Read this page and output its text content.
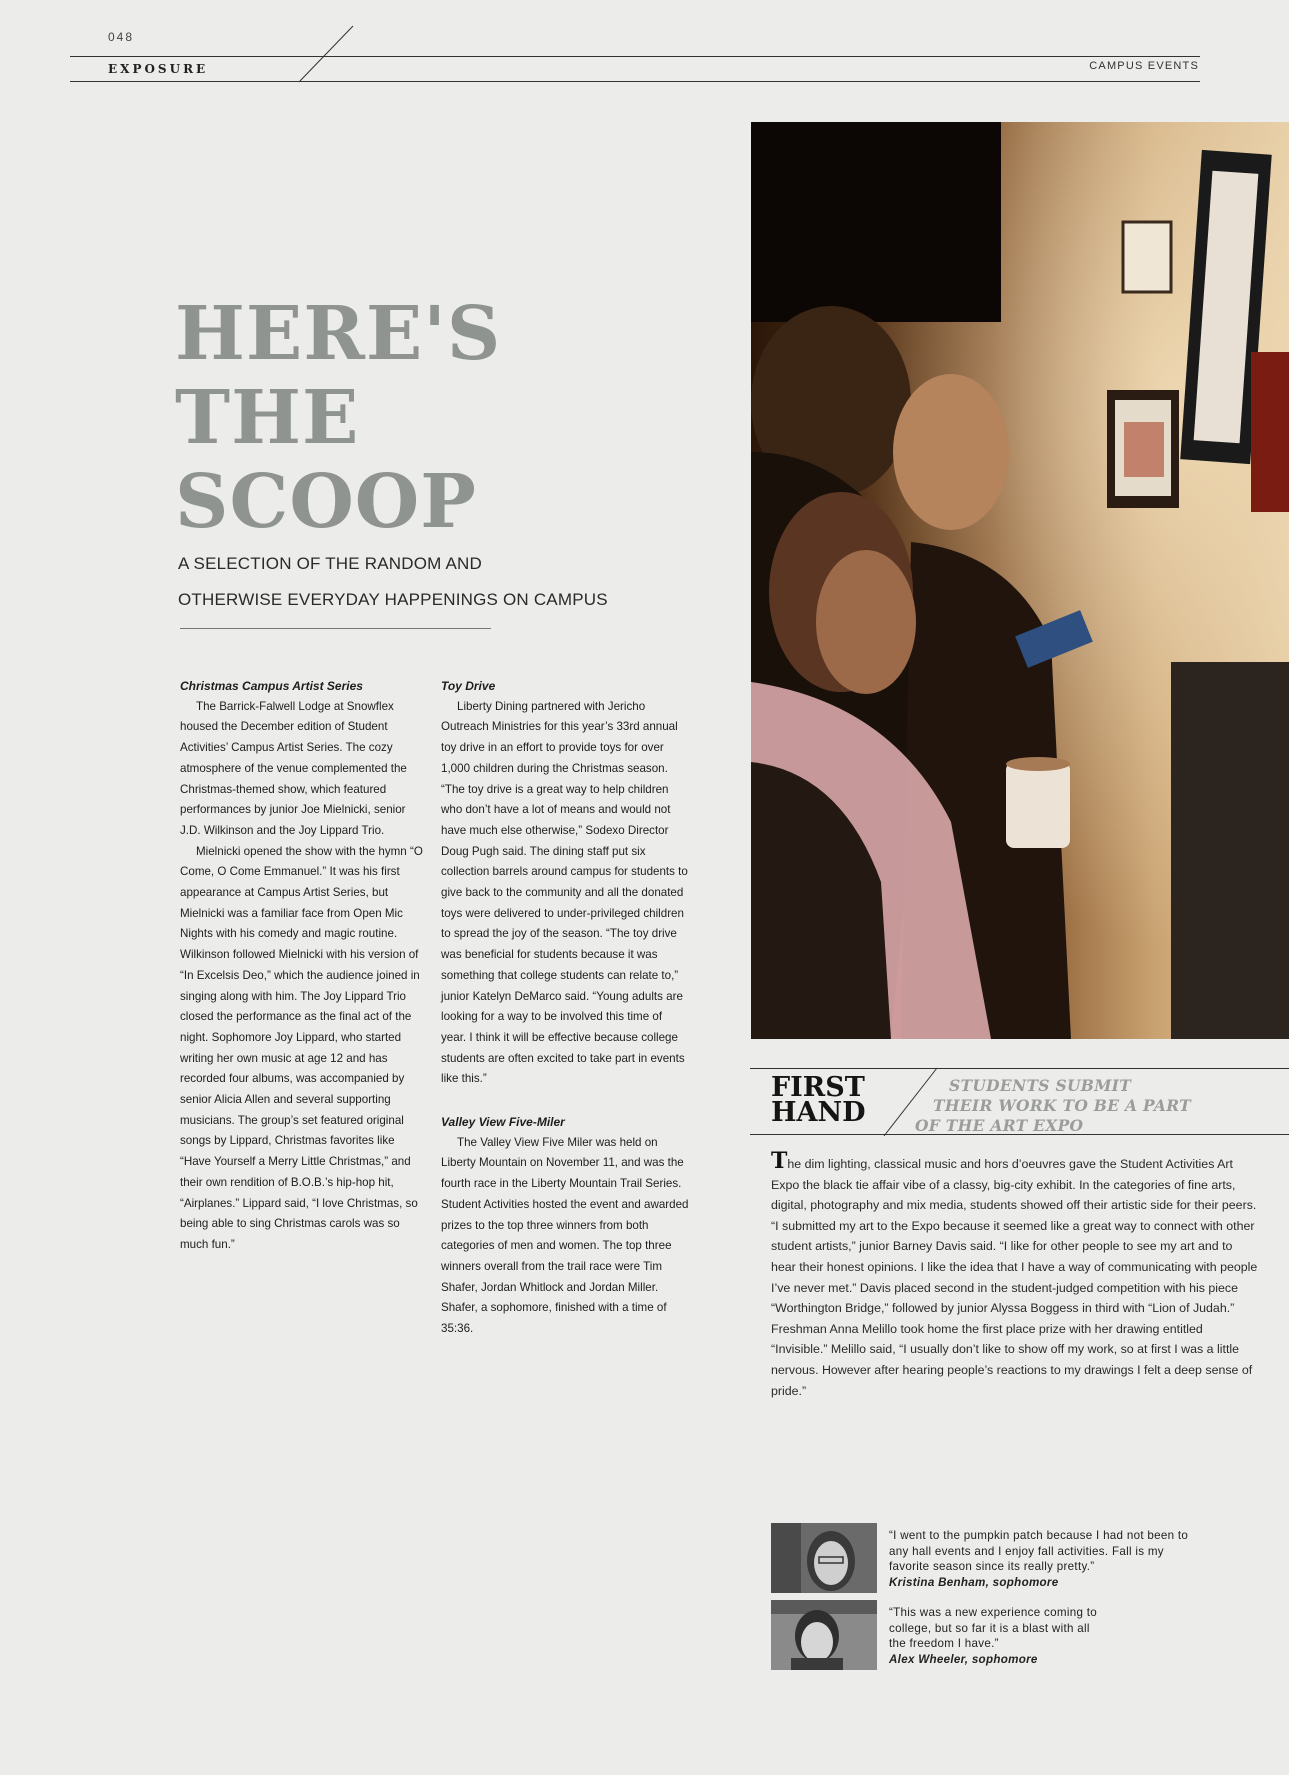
048
EXPOSURE	CAMPUS EVENTS
HERE'S
THE
SCOOP
A SELECTION OF THE RANDOM AND
OTHERWISE EVERYDAY HAPPENINGS ON CAMPUS
Christmas Campus Artist Series

The Barrick-Falwell Lodge at Snowflex housed the December edition of Student Activities’ Campus Artist Series. The cozy atmosphere of the venue complemented the Christmas-themed show, which featured performances by junior Joe Mielnicki, senior J.D. Wilkinson and the Joy Lippard Trio.

Mielnicki opened the show with the hymn “O Come, O Come Emmanuel.” It was his first appearance at Campus Artist Series, but Mielnicki was a familiar face from Open Mic Nights with his comedy and magic routine. Wilkinson followed Mielnicki with his version of “In Excelsis Deo,” which the audience joined in singing along with him. The Joy Lippard Trio closed the performance as the final act of the night. Sophomore Joy Lippard, who started writing her own music at age 12 and has recorded four albums, was accompanied by senior Alicia Allen and several supporting musicians. The group’s set featured original songs by Lippard, Christmas favorites like “Have Yourself a Merry Little Christmas,” and their own rendition of B.O.B.’s hip-hop hit, “Airplanes.” Lippard said, “I love Christmas, so being able to sing Christmas carols was so much fun.”

Toy Drive

Liberty Dining partnered with Jericho Outreach Ministries for this year’s 33rd annual toy drive in an effort to provide toys for over 1,000 children during the Christmas season. “The toy drive is a great way to help children who don’t have a lot of means and would not have much else otherwise,” Sodexo Director Doug Pugh said. The dining staff put six collection barrels around campus for students to give back to the community and all the donated toys were delivered to under-privileged children to spread the joy of the season. “The toy drive was beneficial for students because it was something that college students can relate to,” junior Katelyn DeMarco said. “Young adults are looking for a way to be involved this time of year. I think it will be effective because college students are often excited to take part in events like this.”

Valley View Five-Miler

The Valley View Five Miler was held on Liberty Mountain on November 11, and was the fourth race in the Liberty Mountain Trail Series. Student Activities hosted the event and awarded prizes to the top three winners from both categories of men and women. The top three winners overall from the trail race were Tim Shafer, Jordan Whitlock and Jordan Miller. Shafer, a sophomore, finished with a time of 35:36.

FIRST
HAND
STUDENTS SUBMIT
THEIR WORK TO BE A PART
OF THE ART EXPO
The dim lighting, classical music and hors d’oeuvres gave the Student Activities Art Expo the black tie affair vibe of a classy, big-city exhibit. In the categories of fine arts, digital, photography and mix media, students showed off their artistic side for their peers. “I submitted my art to the Expo because it seemed like a great way to connect with other student artists,” junior Barney Davis said. “I like for other people to see my art and to hear their honest opinions. I like the idea that I have a way of communicating with people I’ve never met.” Davis placed second in the student-judged competition with his piece “Worthington Bridge,” followed by junior Alyssa Boggess in third with “Lion of Judah.” Freshman Anna Melillo took home the first place prize with her drawing entitled “Invisible.” Melillo said, “I usually don’t like to show off my work, so at first I was a little nervous. However after hearing people’s reactions to my drawings I felt a deep sense of pride.”
“I went to the pumpkin patch because I had not been to any hall events and I enjoy fall activities. Fall is my favorite season since its really pretty.”
Kristina Benham, sophomore
“This was a new experience coming to college, but so far it is a blast with all the freedom I have.”
Alex Wheeler, sophomore
